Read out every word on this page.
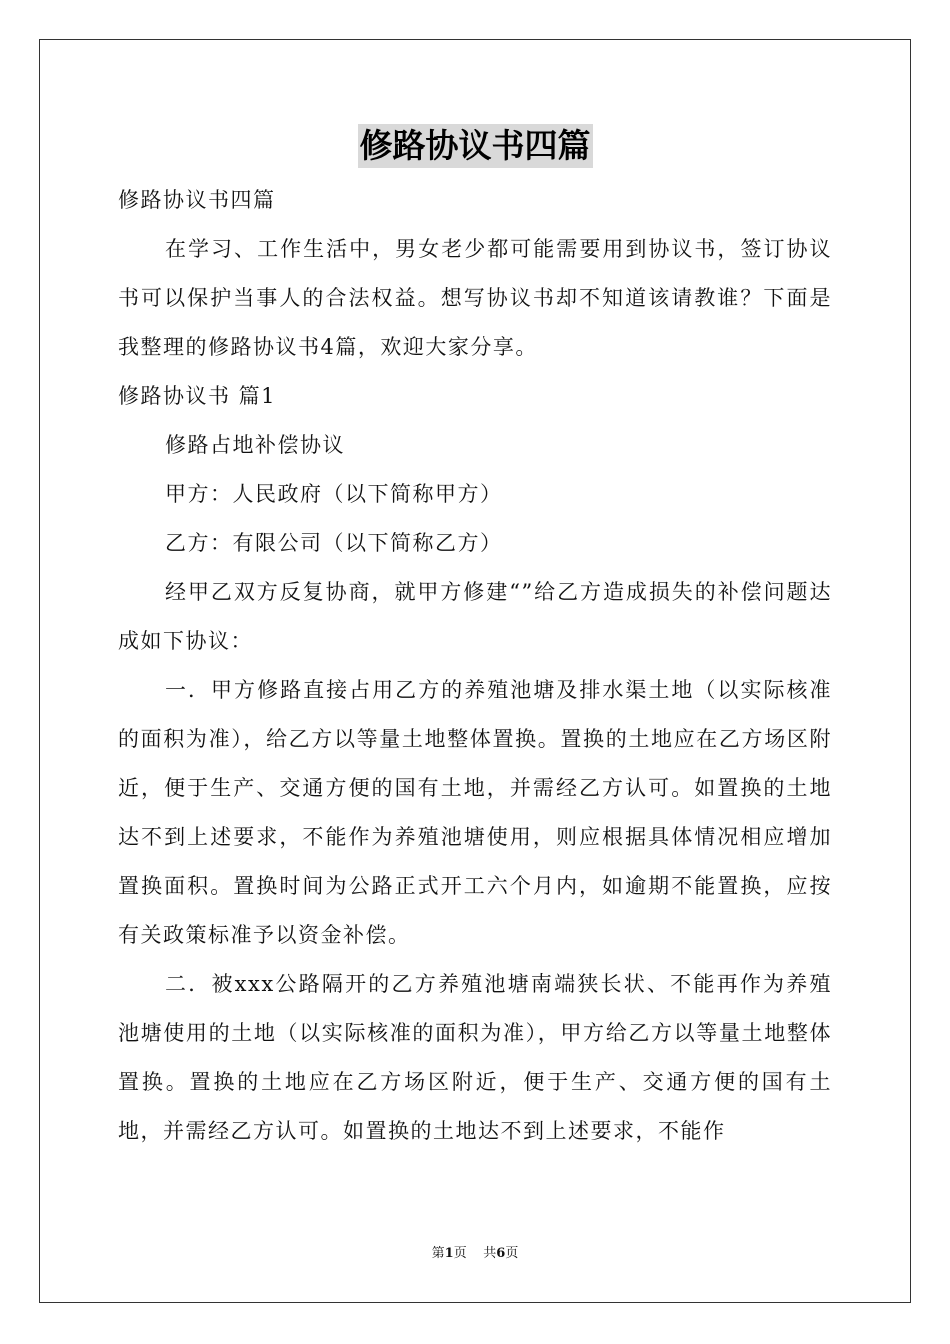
修路协议书四篇

修路协议书四篇

在学习、工作生活中，男女老少都可能需要用到协议书，签订协议书可以保护当事人的合法权益。想写协议书却不知道该请教谁？下面是我整理的修路协议书4篇，欢迎大家分享。

修路协议书 篇1

修路占地补偿协议

甲方：人民政府（以下简称甲方）

乙方：有限公司（以下简称乙方）

经甲乙双方反复协商，就甲方修建“”给乙方造成损失的补偿问题达成如下协议：

一．甲方修路直接占用乙方的养殖池塘及排水渠土地（以实际核准的面积为准），给乙方以等量土地整体置换。置换的土地应在乙方场区附近，便于生产、交通方便的国有土地，并需经乙方认可。如置换的土地达不到上述要求，不能作为养殖池塘使用，则应根据具体情况相应增加置换面积。置换时间为公路正式开工六个月内，如逾期不能置换，应按有关政策标准予以资金补偿。

二．被xxx公路隔开的乙方养殖池塘南端狭长状、不能再作为养殖池塘使用的土地（以实际核准的面积为准），甲方给乙方以等量土地整体置换。置换的土地应在乙方场区附近，便于生产、交通方便的国有土地，并需经乙方认可。如置换的土地达不到上述要求，不能作

第1页 共6页
